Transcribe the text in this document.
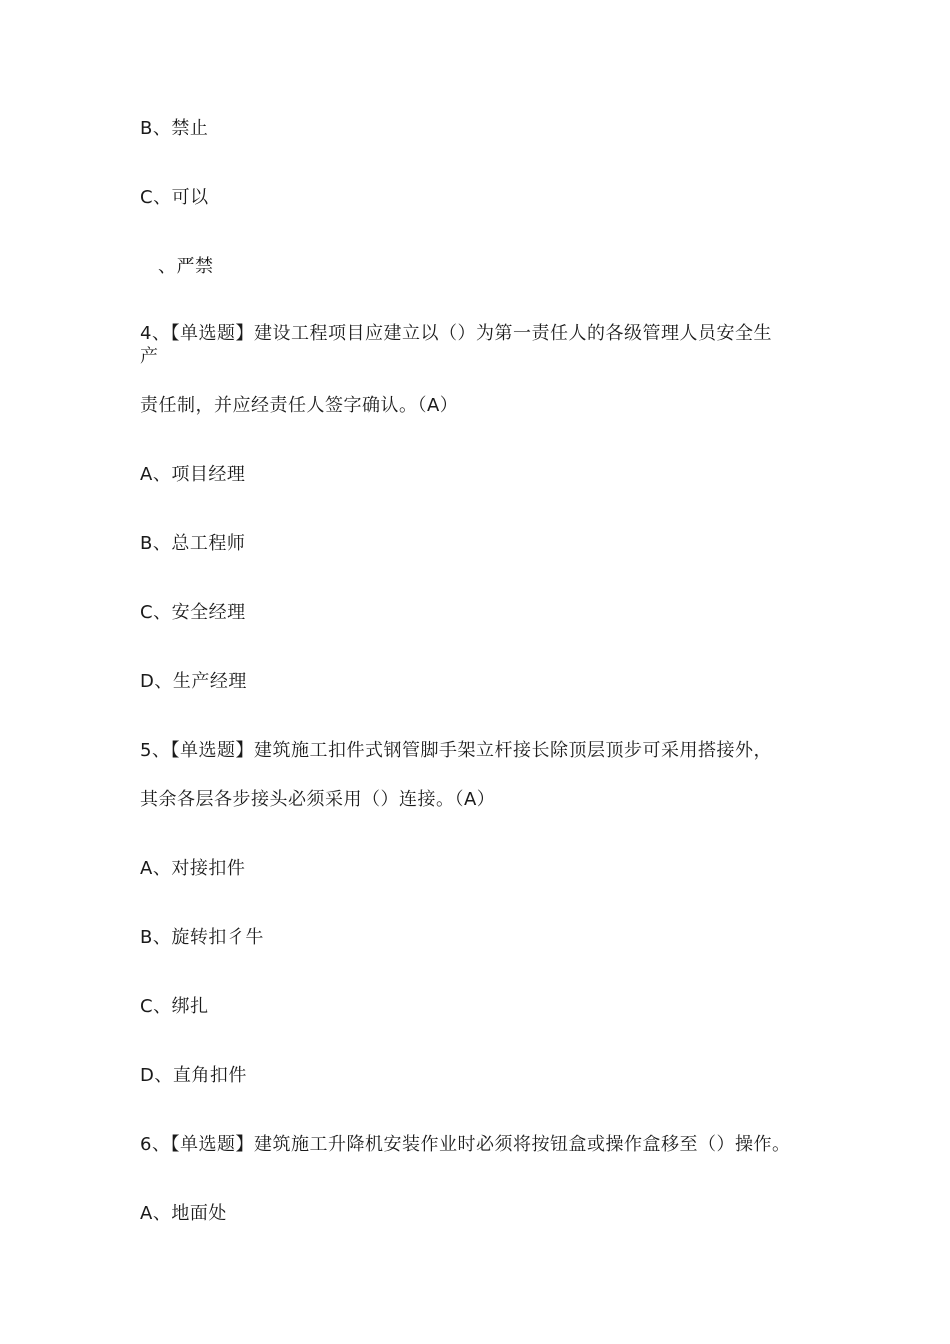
B、禁止
C、可以
、严禁
4、【单选题】建设工程项目应建立以（）为第一责任人的各级管理人员安全生
产
责任制，并应经责任人签字确认。（A）
A、项目经理
B、总工程师
C、安全经理
D、生产经理
5、【单选题】建筑施工扣件式钢管脚手架立杆接长除顶层顶步可采用搭接外，
其余各层各步接头必须采用（）连接。（A）
A、对接扣件
B、旋转扣彳牛
C、绑扎
D、直角扣件
6、【单选题】建筑施工升降机安装作业时必须将按钮盒或操作盒移至（）操作。
A、地面处
